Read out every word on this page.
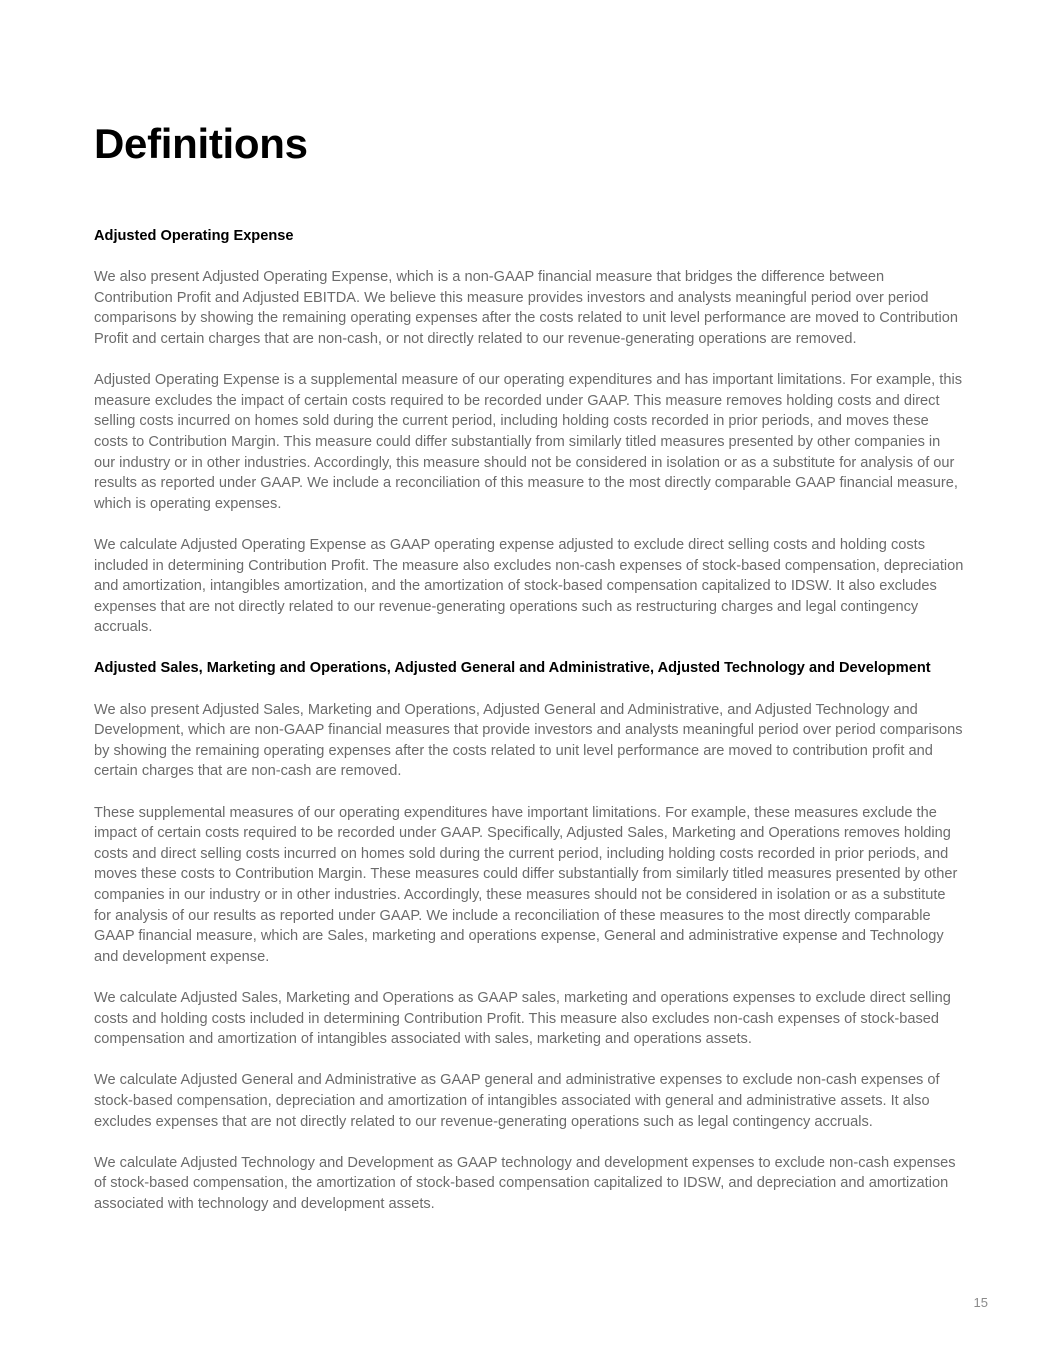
Definitions

Adjusted Operating Expense

We also present Adjusted Operating Expense, which is a non-GAAP financial measure that bridges the difference between Contribution Profit and Adjusted EBITDA. We believe this measure provides investors and analysts meaningful period over period comparisons by showing the remaining operating expenses after the costs related to unit level performance are moved to Contribution Profit and certain charges that are non-cash, or not directly related to our revenue-generating operations are removed.

Adjusted Operating Expense is a supplemental measure of our operating expenditures and has important limitations. For example, this measure excludes the impact of certain costs required to be recorded under GAAP. This measure removes holding costs and direct selling costs incurred on homes sold during the current period, including holding costs recorded in prior periods, and moves these costs to Contribution Margin. This measure could differ substantially from similarly titled measures presented by other companies in our industry or in other industries. Accordingly, this measure should not be considered in isolation or as a substitute for analysis of our results as reported under GAAP. We include a reconciliation of this measure to the most directly comparable GAAP financial measure, which is operating expenses.

We calculate Adjusted Operating Expense as GAAP operating expense adjusted to exclude direct selling costs and holding costs included in determining Contribution Profit. The measure also excludes non-cash expenses of stock-based compensation, depreciation and amortization, intangibles amortization, and the amortization of stock-based compensation capitalized to IDSW. It also excludes expenses that are not directly related to our revenue-generating operations such as restructuring charges and legal contingency accruals.

Adjusted Sales, Marketing and Operations, Adjusted General and Administrative, Adjusted Technology and Development

We also present Adjusted Sales, Marketing and Operations, Adjusted General and Administrative, and Adjusted Technology and Development, which are non-GAAP financial measures that provide investors and analysts meaningful period over period comparisons by showing the remaining operating expenses after the costs related to unit level performance are moved to contribution profit and certain charges that are non-cash are removed.

These supplemental measures of our operating expenditures have important limitations. For example, these measures exclude the impact of certain costs required to be recorded under GAAP. Specifically, Adjusted Sales, Marketing and Operations removes holding costs and direct selling costs incurred on homes sold during the current period, including holding costs recorded in prior periods, and moves these costs to Contribution Margin. These measures could differ substantially from similarly titled measures presented by other companies in our industry or in other industries. Accordingly, these measures should not be considered in isolation or as a substitute for analysis of our results as reported under GAAP. We include a reconciliation of these measures to the most directly comparable GAAP financial measure, which are Sales, marketing and operations expense, General and administrative expense and Technology and development expense.

We calculate Adjusted Sales, Marketing and Operations as GAAP sales, marketing and operations expenses to exclude direct selling costs and holding costs included in determining Contribution Profit. This measure also excludes non-cash expenses of stock-based compensation and amortization of intangibles associated with sales, marketing and operations assets.

We calculate Adjusted General and Administrative as GAAP general and administrative expenses to exclude non-cash expenses of stock-based compensation, depreciation and amortization of intangibles associated with general and administrative assets. It also excludes expenses that are not directly related to our revenue-generating operations such as legal contingency accruals.

We calculate Adjusted Technology and Development as GAAP technology and development expenses to exclude non-cash expenses of stock-based compensation, the amortization of stock-based compensation capitalized to IDSW, and depreciation and amortization associated with technology and development assets.

15
